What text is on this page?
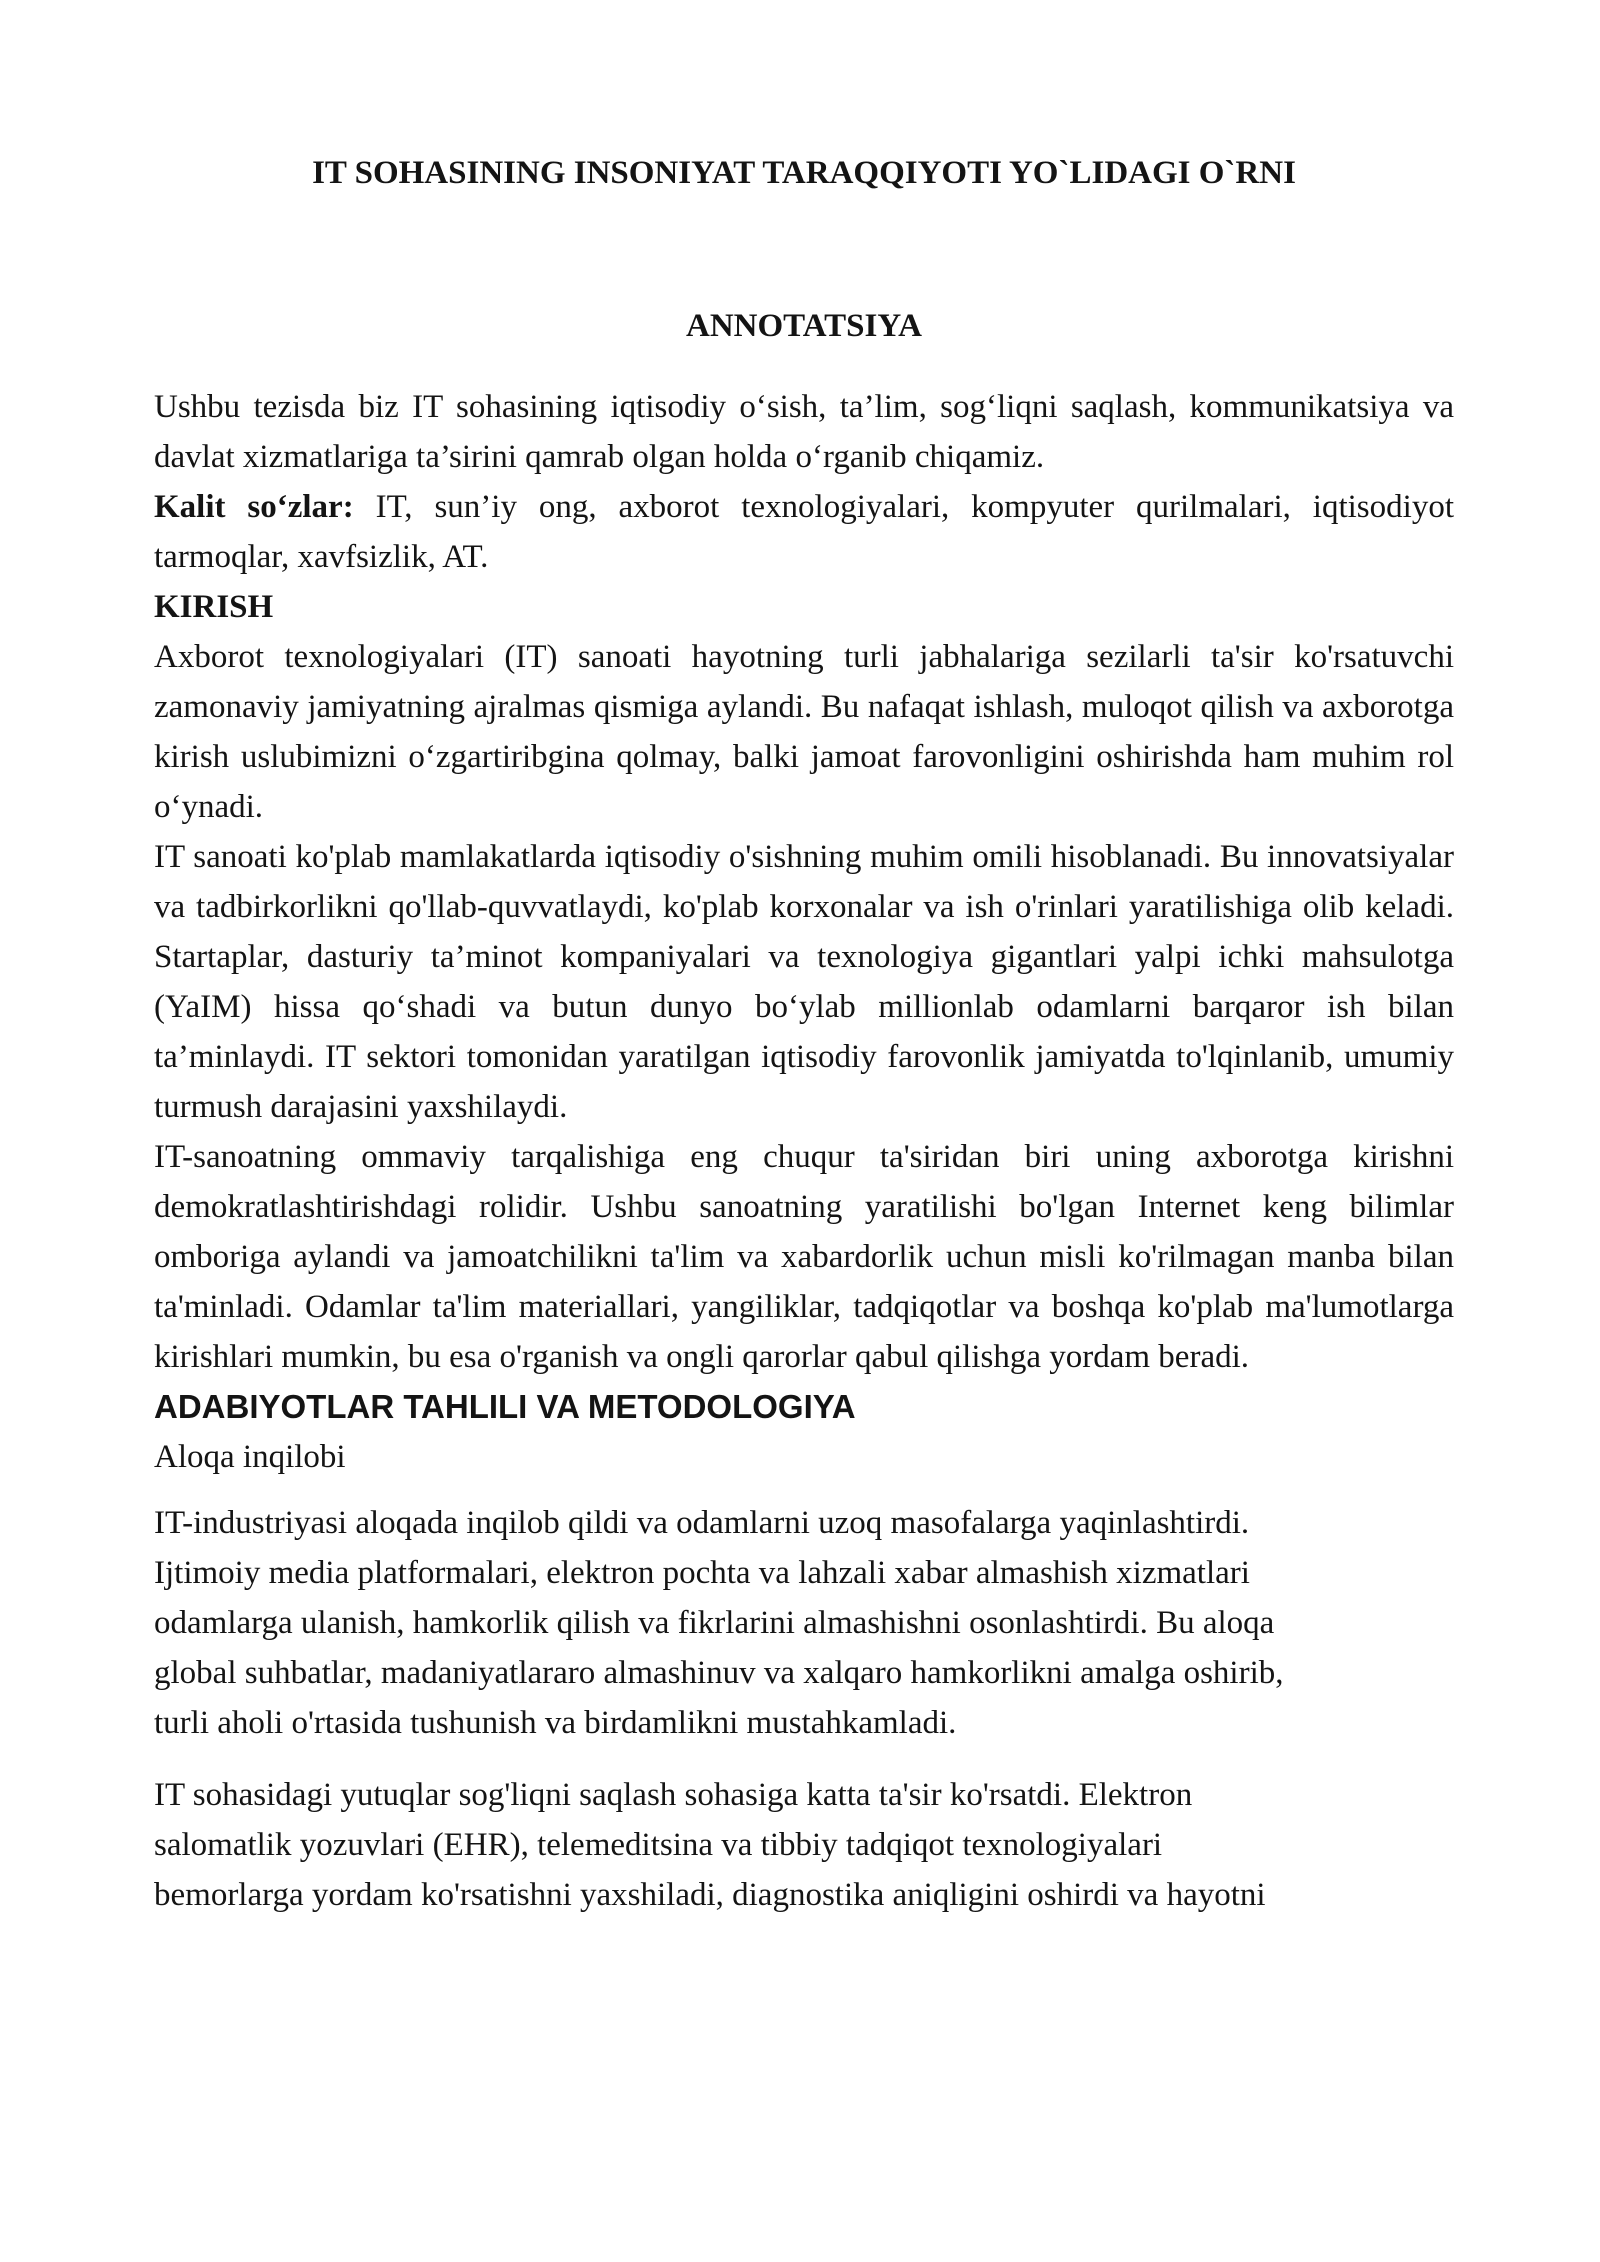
IT SOHASINING INSONIYAT TARAQQIYOTI YO`LIDAGI O`RNI
ANNOTATSIYA

Ushbu tezisda biz IT sohasining iqtisodiy o‘sish, ta’lim, sog‘liqni saqlash, kommunikatsiya va davlat xizmatlariga ta’sirini qamrab olgan holda o‘rganib chiqamiz.

Kalit so‘zlar: IT, sun’iy ong, axborot texnologiyalari, kompyuter qurilmalari, iqtisodiyot tarmoqlar, xavfsizlik, AT.

KIRISH

Axborot texnologiyalari (IT) sanoati hayotning turli jabhalariga sezilarli ta'sir ko'rsatuvchi zamonaviy jamiyatning ajralmas qismiga aylandi. Bu nafaqat ishlash, muloqot qilish va axborotga kirish uslubimizni o‘zgartiribgina qolmay, balki jamoat farovonligini oshirishda ham muhim rol o‘ynadi.

IT sanoati ko'plab mamlakatlarda iqtisodiy o'sishning muhim omili hisoblanadi. Bu innovatsiyalar va tadbirkorlikni qo'llab-quvvatlaydi, ko'plab korxonalar va ish o'rinlari yaratilishiga olib keladi. Startaplar, dasturiy ta’minot kompaniyalari va texnologiya gigantlari yalpi ichki mahsulotga (YaIM) hissa qo‘shadi va butun dunyo bo‘ylab millionlab odamlarni barqaror ish bilan ta’minlaydi. IT sektori tomonidan yaratilgan iqtisodiy farovonlik jamiyatda to'lqinlanib, umumiy turmush darajasini yaxshilaydi.

IT-sanoatning ommaviy tarqalishiga eng chuqur ta'siridan biri uning axborotga kirishni demokratlashtirishdagi rolidir. Ushbu sanoatning yaratilishi bo'lgan Internet keng bilimlar omboriga aylandi va jamoatchilikni ta'lim va xabardorlik uchun misli ko'rilmagan manba bilan ta'minladi. Odamlar ta'lim materiallari, yangiliklar, tadqiqotlar va boshqa ko'plab ma'lumotlarga kirishlari mumkin, bu esa o'rganish va ongli qarorlar qabul qilishga yordam beradi.

ADABIYOTLAR TAHLILI VA METODOLOGIYA

Aloqa inqilobi

IT-industriyasi aloqada inqilob qildi va odamlarni uzoq masofalarga yaqinlashtirdi.
Ijtimoiy media platformalari, elektron pochta va lahzali xabar almashish xizmatlari
odamlarga ulanish, hamkorlik qilish va fikrlarini almashishni osonlashtirdi. Bu aloqa
global suhbatlar, madaniyatlararo almashinuv va xalqaro hamkorlikni amalga oshirib,
turli aholi o'rtasida tushunish va birdamlikni mustahkamladi.
IT sohasidagi yutuqlar sog'liqni saqlash sohasiga katta ta'sir ko'rsatdi. Elektron
salomatlik yozuvlari (EHR), telemeditsina va tibbiy tadqiqot texnologiyalari
bemorlarga yordam ko'rsatishni yaxshiladi, diagnostika aniqligini oshirdi va hayotni
